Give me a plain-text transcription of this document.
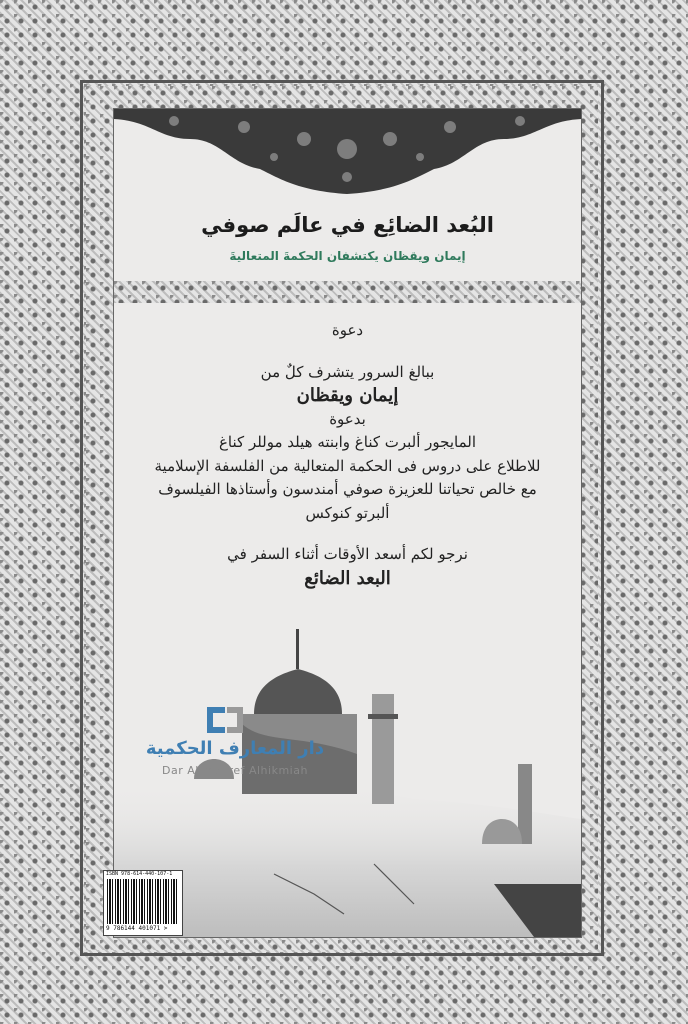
البُعد الضائِع في عالَم صوفي
إيمان ويقظان يكتشفان الحكمةَ المتعاليةَ
دعوة
ببالغ السرور يتشرف كلٌ من
إيمان ويقظان
بدعوة
المايجور ألبرت كناغ وابنته هيلد موللر كناغ
للاطلاع على دروس فى الحكمة المتعالية من الفلسفة الإسلامية
مع خالص تحياتنا للعزيزة صوفي أمندسون وأستاذها الفيلسوف
ألبرتو كنوكس
نرجو لكم أسعد الأوقات أثناء السفر في
البعد الضائع
دار المعارف الحكمية
Dar Al maaref Alhikmiah
ISBN 978-614-440-107-1
9 786144 401071 >
